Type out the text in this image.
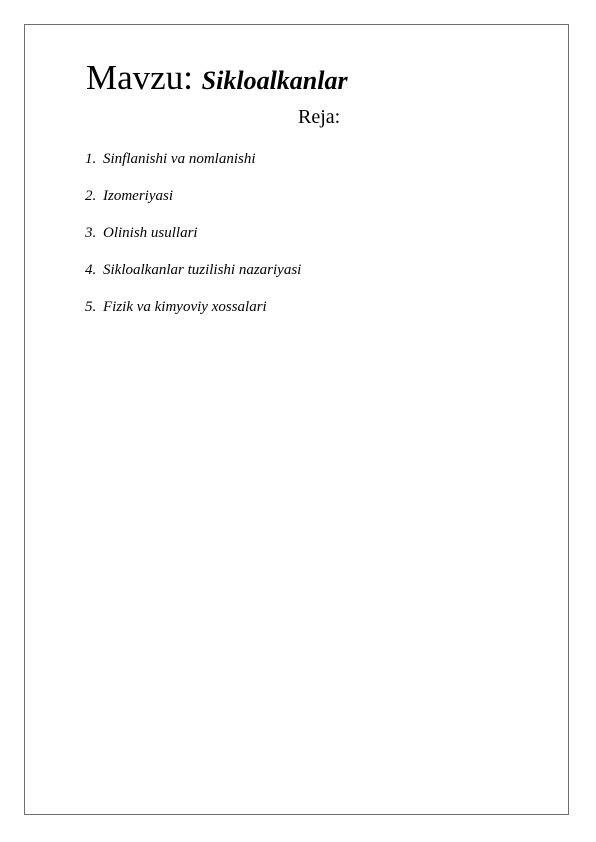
Mavzu: Sikloalkanlar
Reja:
1. Sinflanishi va nomlanishi
2. Izomeriyasi
3. Olinish usullari
4. Sikloalkanlar tuzilishi nazariyasi
5. Fizik va kimyoviy xossalari
